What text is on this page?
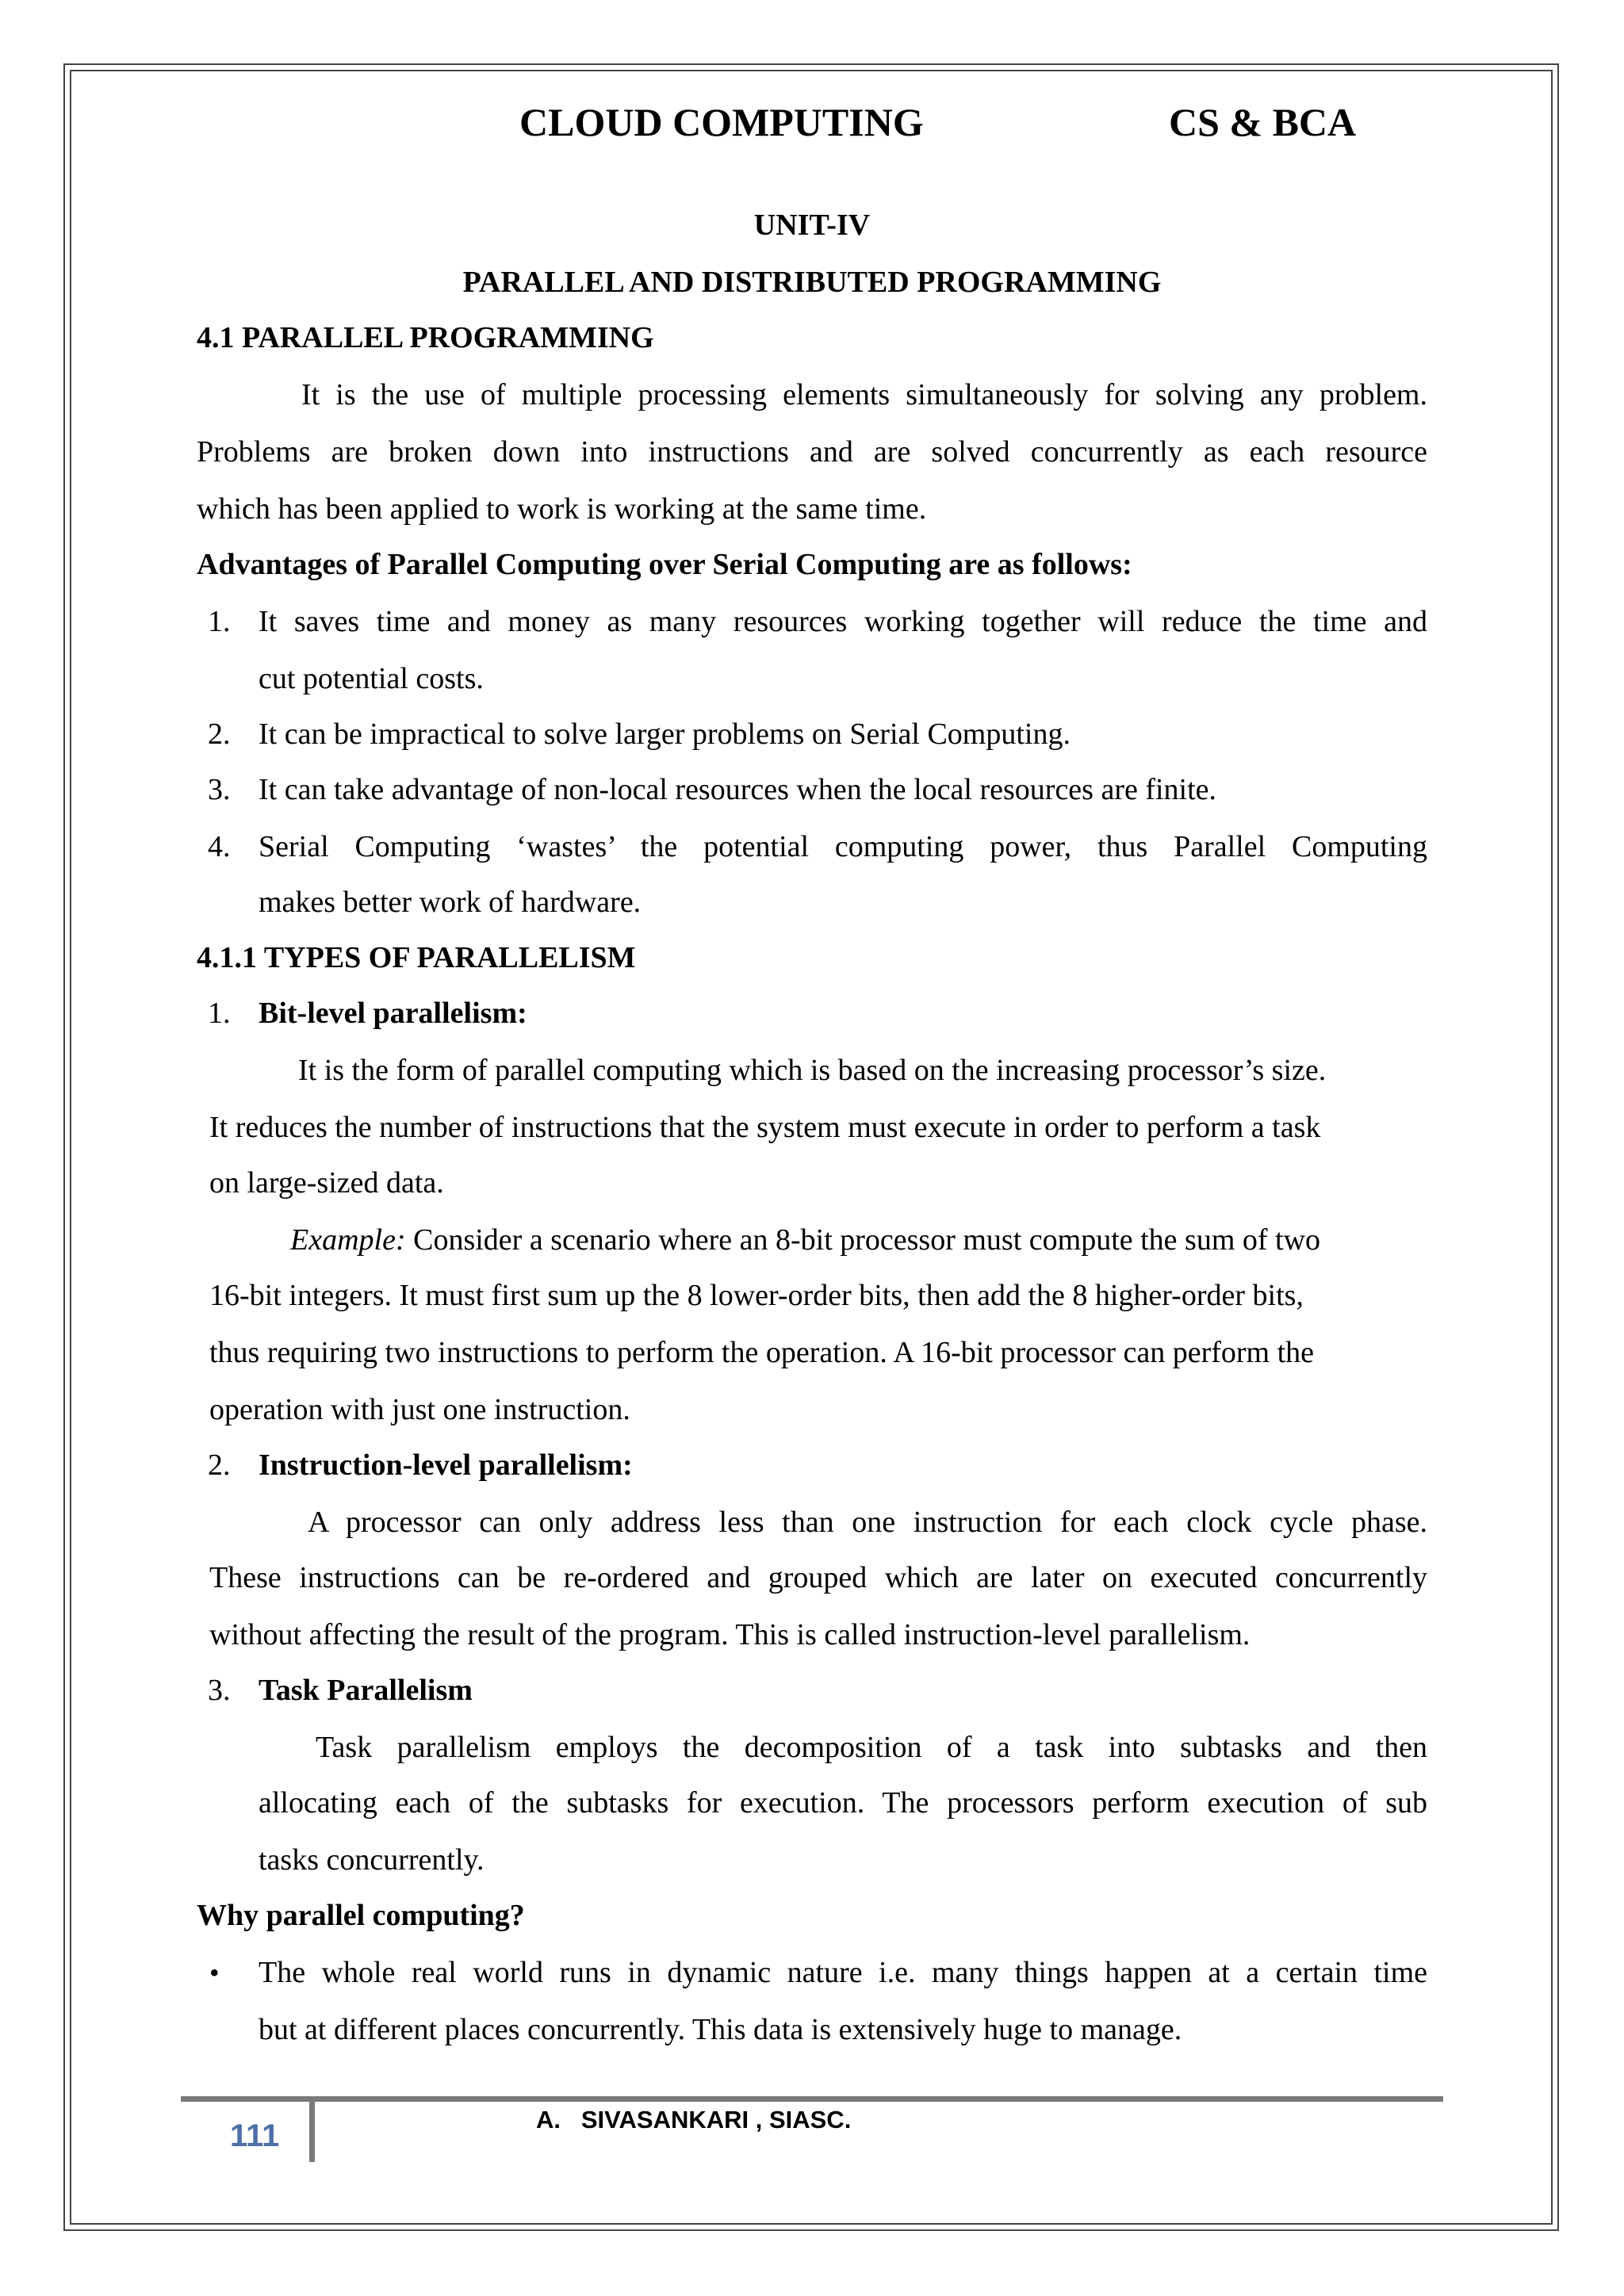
CLOUD COMPUTING	CS & BCA
UNIT-IV
PARALLEL AND DISTRIBUTED PROGRAMMING
4.1 PARALLEL PROGRAMMING
It is the use of multiple processing elements simultaneously for solving any problem.
Problems are broken down into instructions and are solved concurrently as each resource
which has been applied to work is working at the same time.
Advantages of Parallel Computing over Serial Computing are as follows:
1. It saves time and money as many resources working together will reduce the time and
cut potential costs.
2. It can be impractical to solve larger problems on Serial Computing.
3. It can take advantage of non-local resources when the local resources are finite.
4. Serial Computing ‘wastes’ the potential computing power, thus Parallel Computing
makes better work of hardware.
4.1.1 TYPES OF PARALLELISM
1. Bit-level parallelism:
It is the form of parallel computing which is based on the increasing processor’s size.
It reduces the number of instructions that the system must execute in order to perform a task
on large-sized data.
Example: Consider a scenario where an 8-bit processor must compute the sum of two
16-bit integers. It must first sum up the 8 lower-order bits, then add the 8 higher-order bits,
thus requiring two instructions to perform the operation. A 16-bit processor can perform the
operation with just one instruction.
2. Instruction-level parallelism:
A processor can only address less than one instruction for each clock cycle phase.
These instructions can be re-ordered and grouped which are later on executed concurrently
without affecting the result of the program. This is called instruction-level parallelism.
3. Task Parallelism
Task parallelism employs the decomposition of a task into subtasks and then
allocating each of the subtasks for execution. The processors perform execution of sub
tasks concurrently.
Why parallel computing?
• The whole real world runs in dynamic nature i.e. many things happen at a certain time
but at different places concurrently. This data is extensively huge to manage.
111	A.   SIVASANKARI , SIASC.
